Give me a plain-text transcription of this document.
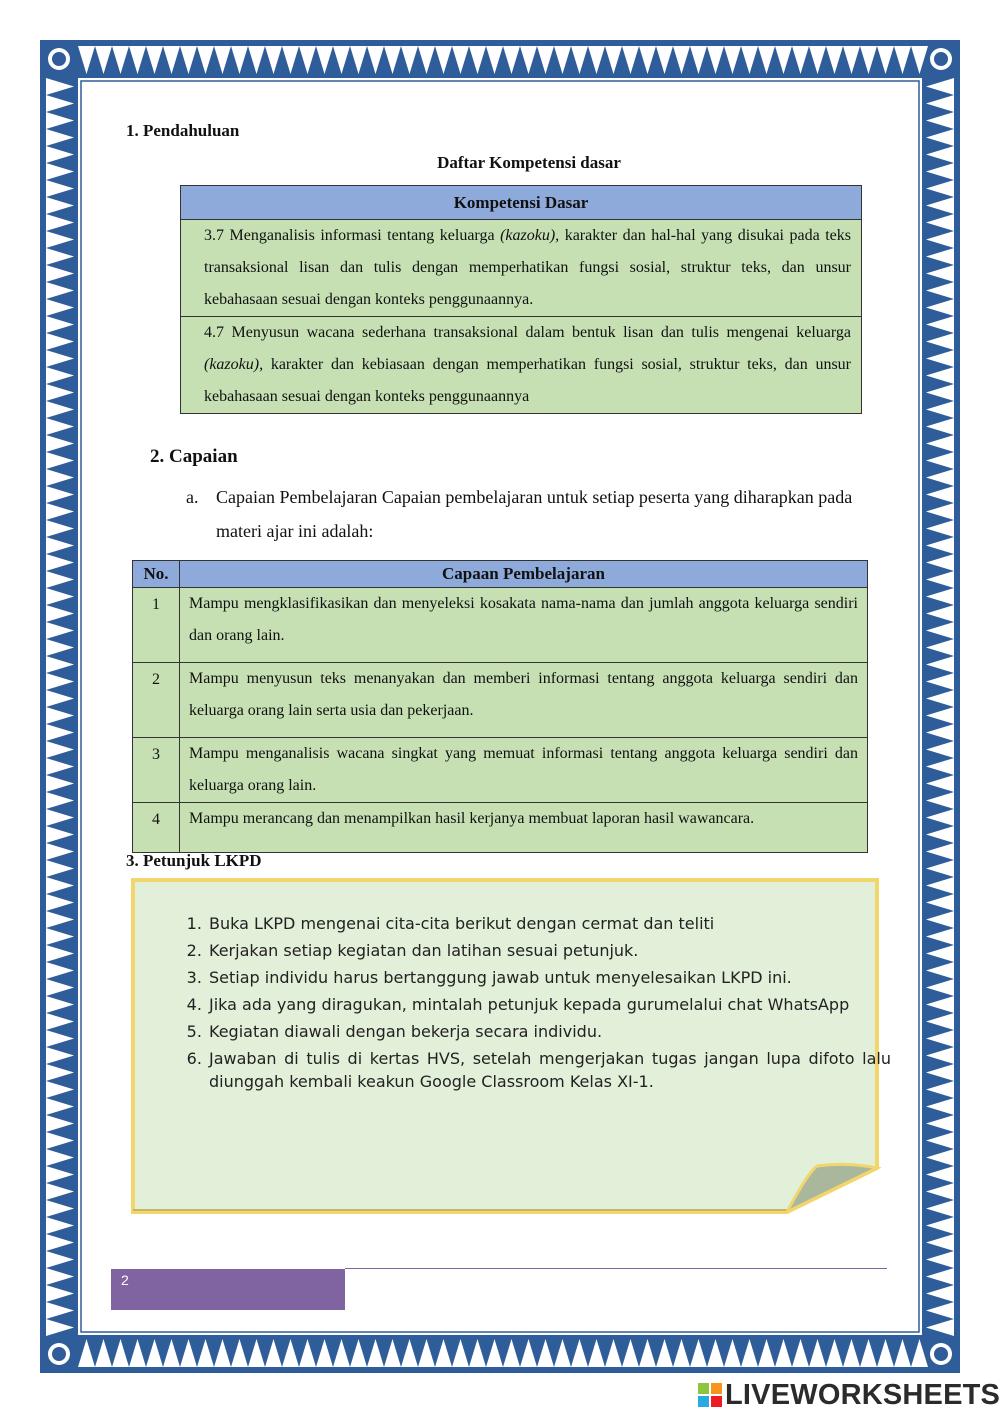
1. Pendahuluan
Daftar Kompetensi dasar
Kompetensi Dasar
3.7 Menganalisis informasi tentang keluarga (kazoku), karakter dan hal-hal yang disukai pada teks transaksional lisan dan tulis dengan memperhatikan fungsi sosial, struktur teks, dan unsur kebahasaan sesuai dengan konteks penggunaannya.
4.7 Menyusun wacana sederhana transaksional dalam bentuk lisan dan tulis mengenai keluarga (kazoku), karakter dan kebiasaan dengan memperhatikan fungsi sosial, struktur teks, dan unsur kebahasaan sesuai dengan konteks penggunaannya
2. Capaian
a. Capaian Pembelajaran Capaian pembelajaran untuk setiap peserta yang diharapkan pada materi ajar ini adalah:
No.	Capaan Pembelajaran
1	Mampu mengklasifikasikan dan menyeleksi kosakata nama-nama dan jumlah anggota keluarga sendiri dan orang lain.
2	Mampu menyusun teks menanyakan dan memberi informasi tentang anggota keluarga sendiri dan keluarga orang lain serta usia dan pekerjaan.
3	Mampu menganalisis wacana singkat yang memuat informasi tentang anggota keluarga sendiri dan keluarga orang lain.
4	Mampu merancang dan menampilkan hasil kerjanya membuat laporan hasil wawancara.
3. Petunjuk LKPD
1. Buka LKPD mengenai cita-cita berikut dengan cermat dan teliti
2. Kerjakan setiap kegiatan dan latihan sesuai petunjuk.
3. Setiap individu harus bertanggung jawab untuk menyelesaikan LKPD ini.
4. Jika ada yang diragukan, mintalah petunjuk kepada gurumelalui chat WhatsApp
5. Kegiatan diawali dengan bekerja secara individu.
6. Jawaban di tulis di kertas HVS, setelah mengerjakan tugas jangan lupa difoto lalu diunggah kembali keakun Google Classroom Kelas XI-1.
2
LIVEWORKSHEETS
